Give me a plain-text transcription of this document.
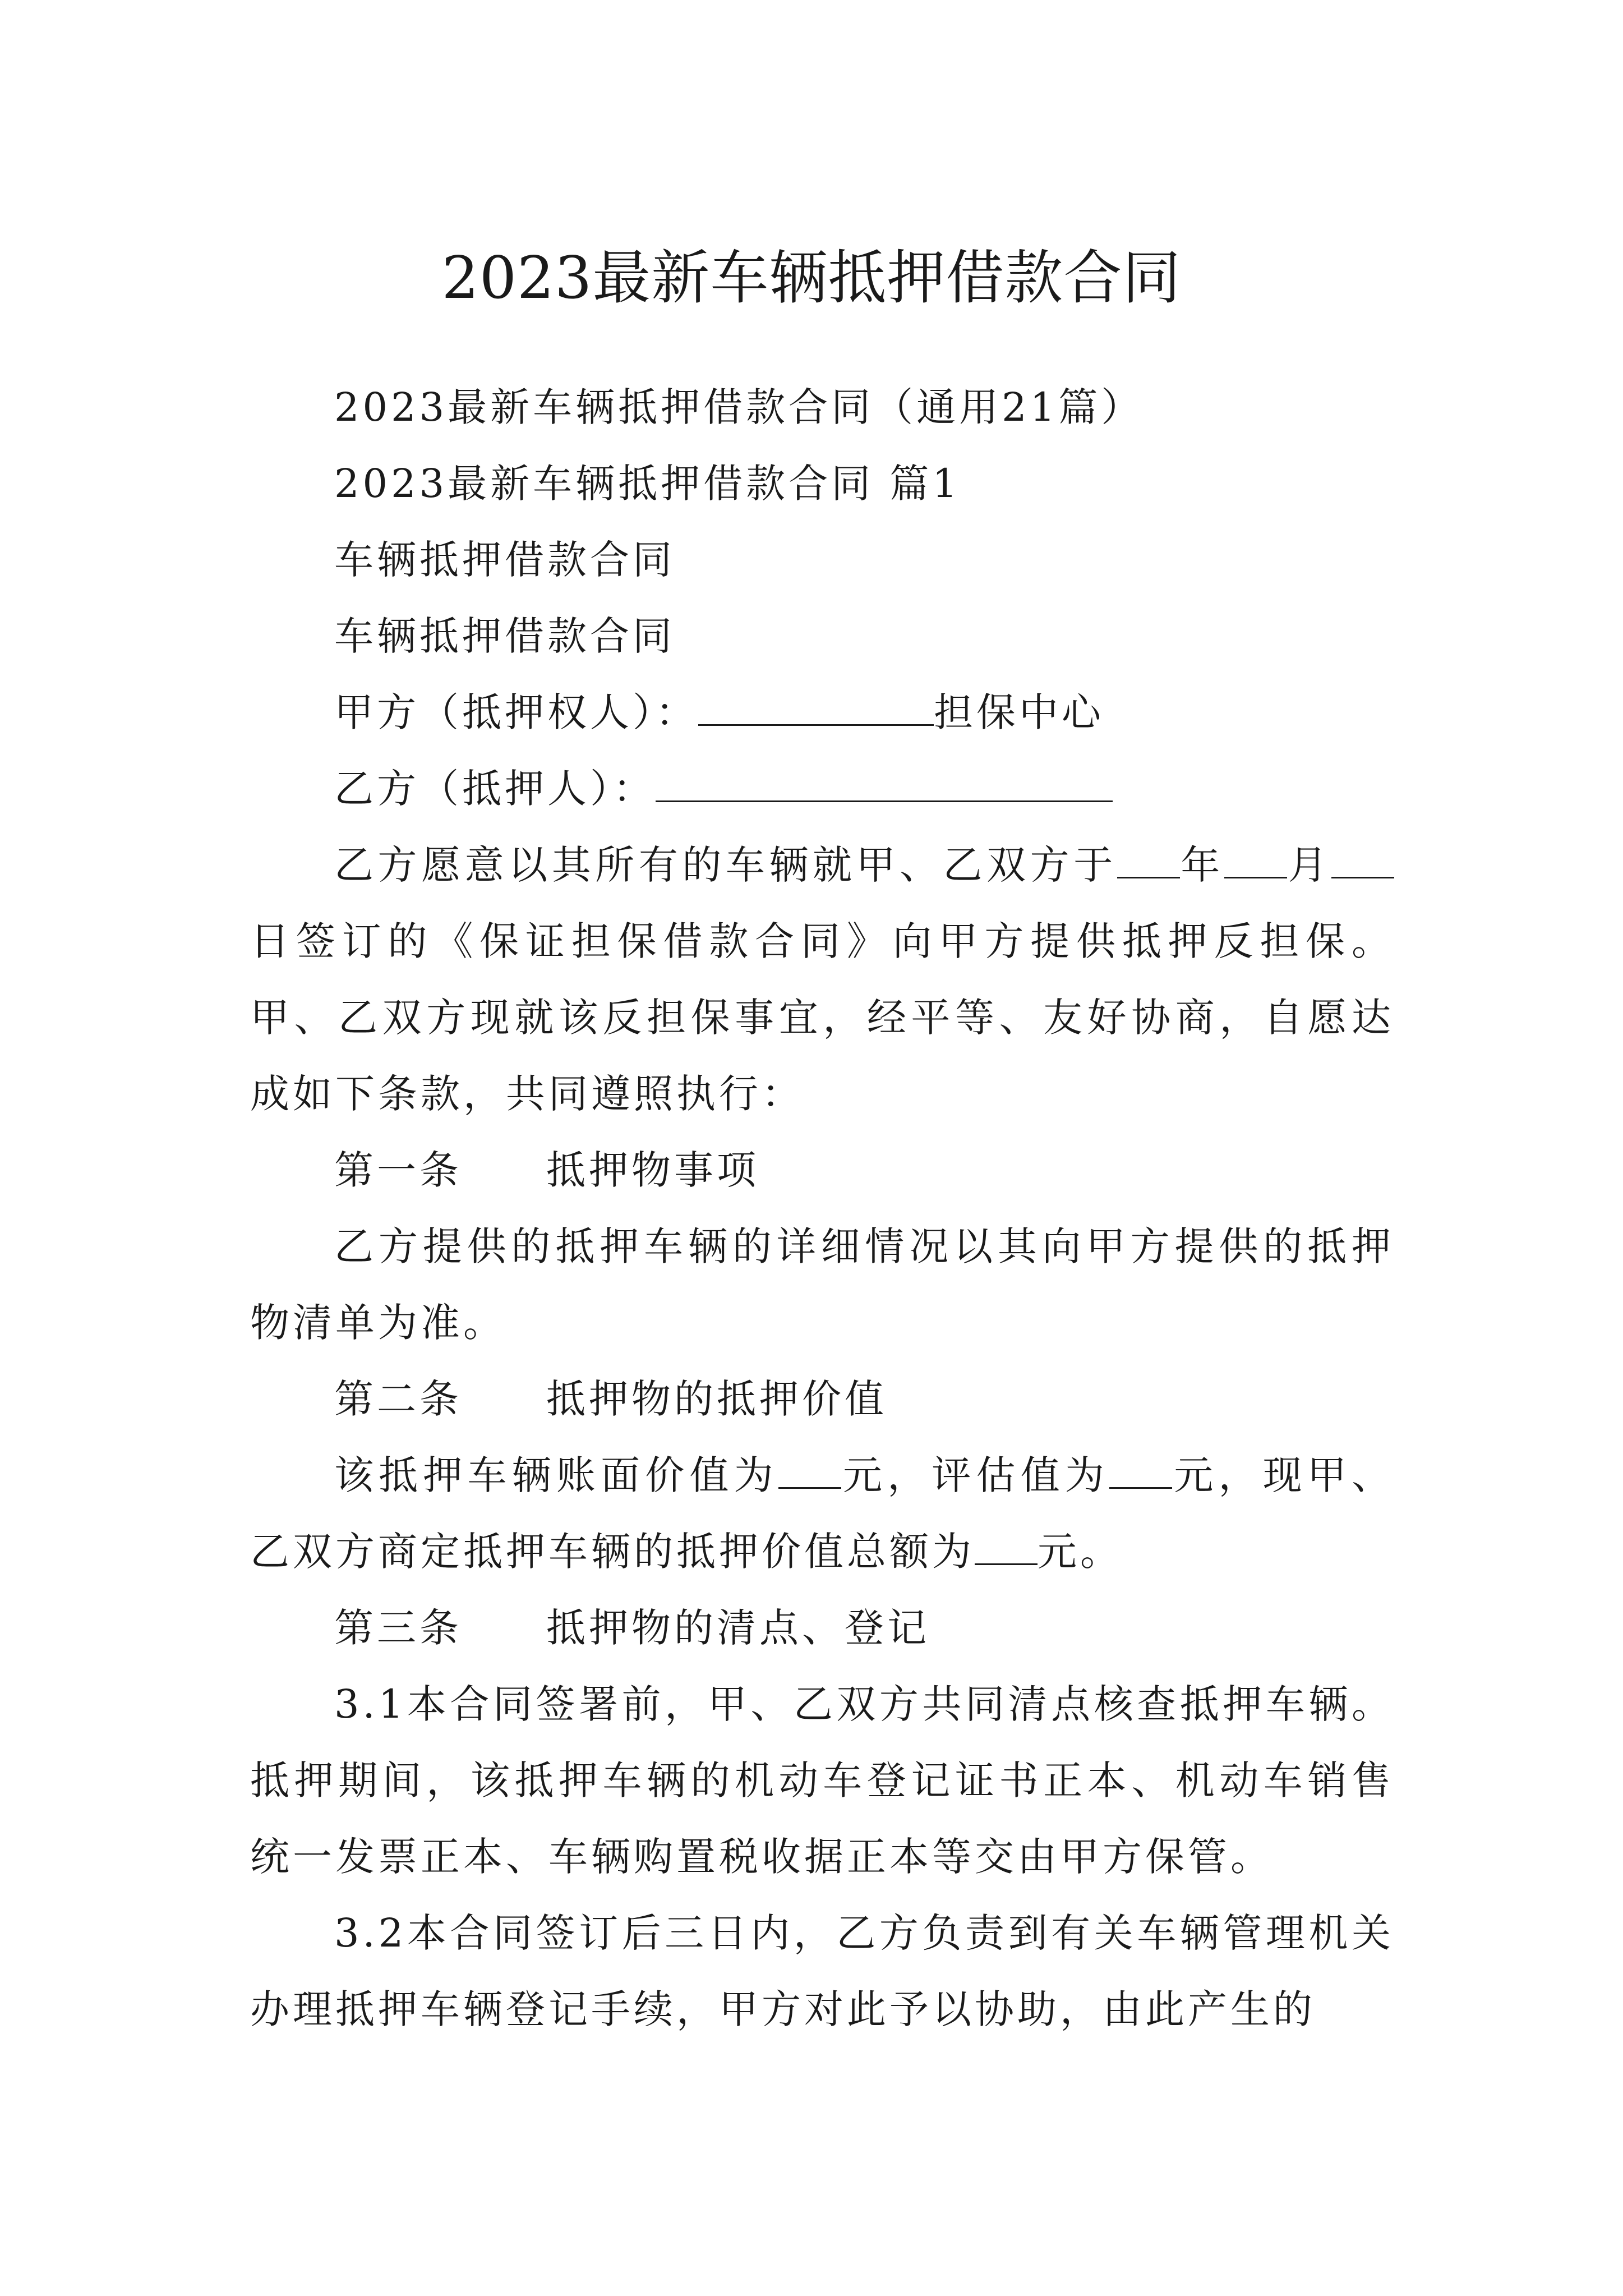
2023最新车辆抵押借款合同

2023最新车辆抵押借款合同（通用21篇）

2023最新车辆抵押借款合同 篇1

车辆抵押借款合同

车辆抵押借款合同

甲方（抵押权人）：	担保中心

乙方（抵押人）：

乙方愿意以其所有的车辆就甲、乙双方于 年 月日签订的《保证担保借款合同》向甲方提供抵押反担保。甲、乙双方现就该反担保事宜，经平等、友好协商，自愿达成如下条款，共同遵照执行：

第一条 抵押物事项

乙方提供的抵押车辆的详细情况以其向甲方提供的抵押物清单为准。

第二条 抵押物的抵押价值

该抵押车辆账面价值为 元，评估值为 元，现甲、乙双方商定抵押车辆的抵押价值总额为 元。

第三条 抵押物的清点、登记

3.1本合同签署前，甲、乙双方共同清点核查抵押车辆。抵押期间，该抵押车辆的机动车登记证书正本、机动车销售统一发票正本、车辆购置税收据正本等交由甲方保管。

3.2本合同签订后三日内，乙方负责到有关车辆管理机关办理抵押车辆登记手续，甲方对此予以协助，由此产生的
